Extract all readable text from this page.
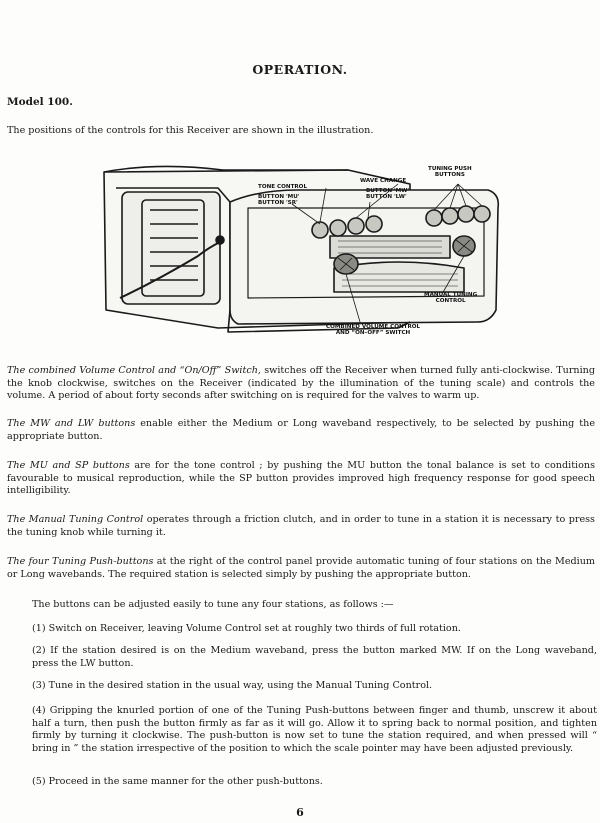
OPERATION.
Model 100.
The positions of the controls for this Receiver are shown in the illustration.
TONE CONTROL
WAVE CHANGE
BUTTON 'MU'
BUTTON 'SR'
BUTTON 'MW'
BUTTON 'LW'
TUNING PUSH
BUTTONS
MANUAL TUNING
CONTROL
COMBINED VOLUME CONTROL
AND “ON–OFF” SWITCH
The combined Volume Control and “On/Off” Switch, switches off the Receiver when turned fully anti-clockwise. Turning the knob clockwise, switches on the Receiver (indicated by the illumination of the tuning scale) and controls the volume. A period of about forty seconds after switching on is required for the valves to warm up.
The MW and LW buttons enable either the Medium or Long waveband respectively, to be selected by pushing the appropriate button.
The MU and SP buttons are for the tone control ; by pushing the MU button the tonal balance is set to conditions favourable to musical reproduction, while the SP button provides improved high frequency response for good speech intelligibility.
The Manual Tuning Control operates through a friction clutch, and in order to tune in a station it is necessary to press the tuning knob while turning it.
The four Tuning Push-buttons at the right of the control panel provide automatic tuning of four stations on the Medium or Long wavebands. The required station is selected simply by pushing the appropriate button.
The buttons can be adjusted easily to tune any four stations, as follows :—
(1) Switch on Receiver, leaving Volume Control set at roughly two thirds of full rotation.
(2) If the station desired is on the Medium waveband, press the button marked MW. If on the Long waveband, press the LW button.
(3) Tune in the desired station in the usual way, using the Manual Tuning Control.
(4) Gripping the knurled portion of one of the Tuning Push-buttons between finger and thumb, unscrew it about half a turn, then push the button firmly as far as it will go. Allow it to spring back to normal position, and tighten firmly by turning it clockwise. The push-button is now set to tune the station required, and when pressed will “ bring in ” the station irrespective of the position to which the scale pointer may have been adjusted previously.
(5) Proceed in the same manner for the other push-buttons.
6
